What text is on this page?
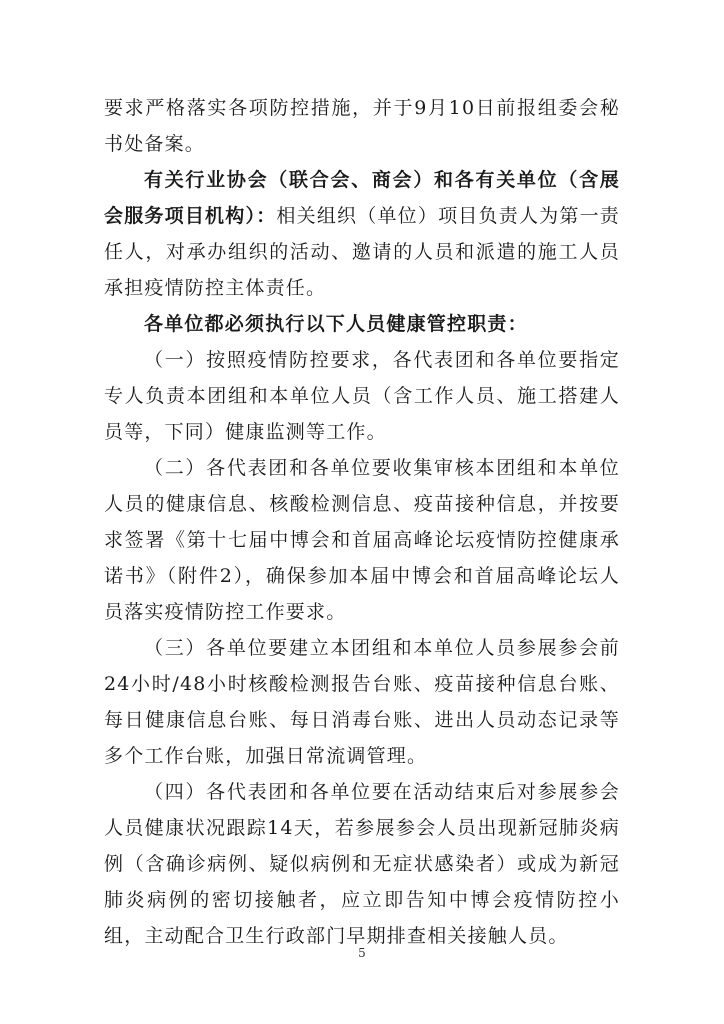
要求严格落实各项防控措施，并于9月10日前报组委会秘书处备案。

有关行业协会（联合会、商会）和各有关单位（含展会服务项目机构）：相关组织（单位）项目负责人为第一责任人，对承办组织的活动、邀请的人员和派遣的施工人员承担疫情防控主体责任。

各单位都必须执行以下人员健康管控职责：

（一）按照疫情防控要求，各代表团和各单位要指定专人负责本团组和本单位人员（含工作人员、施工搭建人员等，下同）健康监测等工作。

（二）各代表团和各单位要收集审核本团组和本单位人员的健康信息、核酸检测信息、疫苗接种信息，并按要求签署《第十七届中博会和首届高峰论坛疫情防控健康承诺书》（附件2），确保参加本届中博会和首届高峰论坛人员落实疫情防控工作要求。

（三）各单位要建立本团组和本单位人员参展参会前24小时/48小时核酸检测报告台账、疫苗接种信息台账、每日健康信息台账、每日消毒台账、进出人员动态记录等多个工作台账，加强日常流调管理。

（四）各代表团和各单位要在活动结束后对参展参会人员健康状况跟踪14天，若参展参会人员出现新冠肺炎病例（含确诊病例、疑似病例和无症状感染者）或成为新冠肺炎病例的密切接触者，应立即告知中博会疫情防控小组，主动配合卫生行政部门早期排查相关接触人员。

5
